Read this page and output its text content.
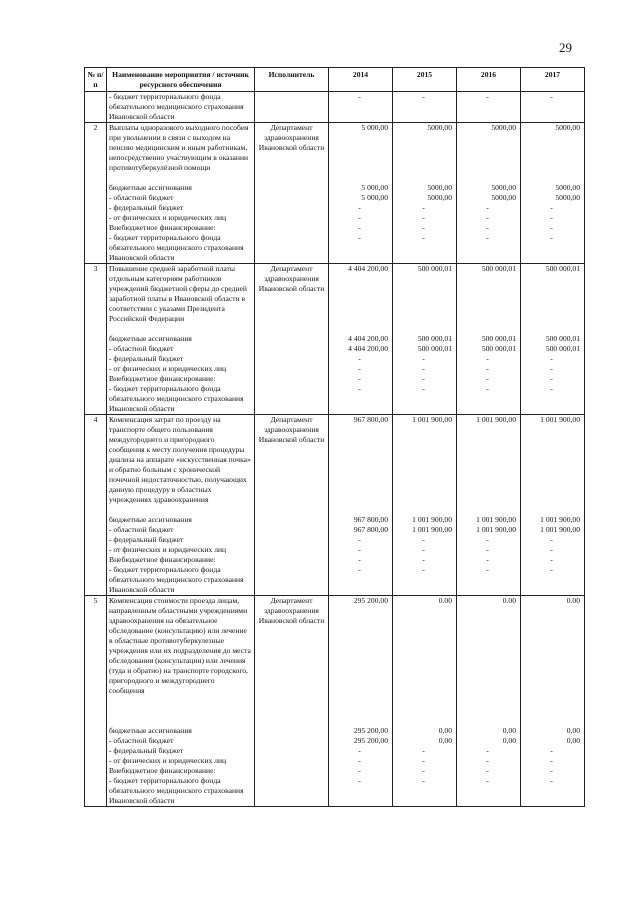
29
№ п/п	Наименование мероприятия / источник ресурсного обеспечения	Исполнитель	2014	2015	2016	2017
	- бюджет территориального фонда обязательного медицинского страхования Ивановской области		-	-	-	-
2	Выплаты одноразового выходного пособия при увольнении в связи с выходом на пенсию медицинским и иным работникам, непосредственно участвующим в оказании противотуберкулёзной помощи	Департамент здравоохранения Ивановской области	5 000,00	5000,00	5000,00	5000,00
	бюджетные ассигнования		5 000,00	5000,00	5000,00	5000,00
	- областной бюджет		5 000,00	5000,00	5000,00	5000,00
	- федеральный бюджет		-	-	-	-
	- от физических и юридических лиц		-	-	-	-
	Внебюджетное финансирование:		-	-	-	-
	- бюджет территориального фонда обязательного медицинского страхования Ивановской области		-	-	-	-
3	Повышение средней заработной платы отдельным категориям работников учреждений бюджетной сферы до средней заработной платы в Ивановской области в соответствии с указами Президента Российской Федерации	Департамент здравоохранения Ивановской области	4 404 200,00	500 000,01	500 000,01	500 000,01
	бюджетные ассигнования		4 404 200,00	500 000,01	500 000,01	500 000,01
	- областной бюджет		4 404 200,00	500 000,01	500 000,01	500 000,01
	- федеральный бюджет		-	-	-	-
	- от физических и юридических лиц		-	-	-	-
	Внебюджетное финансирование:		-	-	-	-
	- бюджет территориального фонда обязательного медицинского страхования Ивановской области		-	-	-	-
4	Компенсация затрат по проезду на транспорте общего пользования междугороднего и пригородного сообщения к месту получения процедуры диализа на аппарате «искусственная почка» и обратно больным с хронической почечной недостаточностью, получающих данную процедуру в областных учреждениях здравоохранения	Департамент здравоохранения Ивановской области	967 800,00	1 001 900,00	1 001 900,00	1 001 900,00
	бюджетные ассигнования		967 800,00	1 001 900,00	1 001 900,00	1 001 900,00
	- областной бюджет		967 800,00	1 001 900,00	1 001 900,00	1 001 900,00
	- федеральный бюджет		-	-	-	-
	- от физических и юридических лиц		-	-	-	-
	Внебюджетное финансирование:		-	-	-	-
	- бюджет территориального фонда обязательного медицинского страхования Ивановской области		-	-	-	-
5	Компенсация стоимости проезда лицам, направленным областными учреждениями здравоохранения на обязательное обследование (консультацию) или лечение в областные противотуберкулезные учреждения или их подразделения до места обследования (консультации) или лечения (туда и обратно) на транспорте городского, пригородного и междугороднего сообщения	Департамент здравоохранения Ивановской области	295 200,00	0.00	0.00	0.00
	бюджетные ассигнования		295 200,00	0,00	0,00	0,00
	- областной бюджет		295 200,00	0,00	0,00	0,00
	- федеральный бюджет		-	-	-	-
	- от физических и юридических лиц		-	-	-	-
	Внебюджетное финансирование:		-	-	-	-
	- бюджет территориального фонда обязательного медицинского страхования Ивановской области		-	-	-	-
